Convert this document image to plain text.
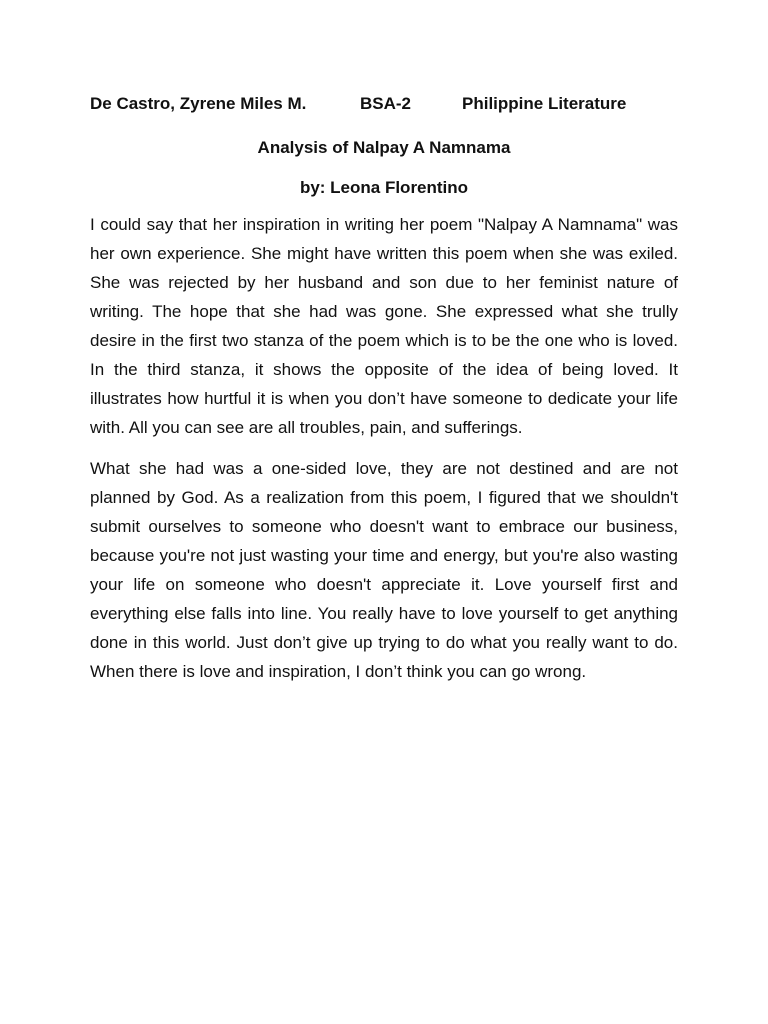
De Castro, Zyrene Miles M.	BSA-2	Philippine Literature
Analysis of Nalpay A Namnama
by: Leona Florentino

I could say that her inspiration in writing her poem "Nalpay A Namnama" was her own experience. She might have written this poem when she was exiled. She was rejected by her husband and son due to her feminist nature of writing. The hope that she had was gone. She expressed what she trully desire in the first two stanza of the poem which is to be the one who is loved. In the third stanza, it shows the opposite of the idea of being loved. It illustrates how hurtful it is when you don’t have someone to dedicate your life with. All you can see are all troubles, pain, and sufferings.

What she had was a one-sided love, they are not destined and are not planned by God. As a realization from this poem, I figured that we shouldn't submit ourselves to someone who doesn't want to embrace our business, because you're not just wasting your time and energy, but you're also wasting your life on someone who doesn't appreciate it. Love yourself first and everything else falls into line. You really have to love yourself to get anything done in this world. Just don’t give up trying to do what you really want to do. When there is love and inspiration, I don’t think you can go wrong.
